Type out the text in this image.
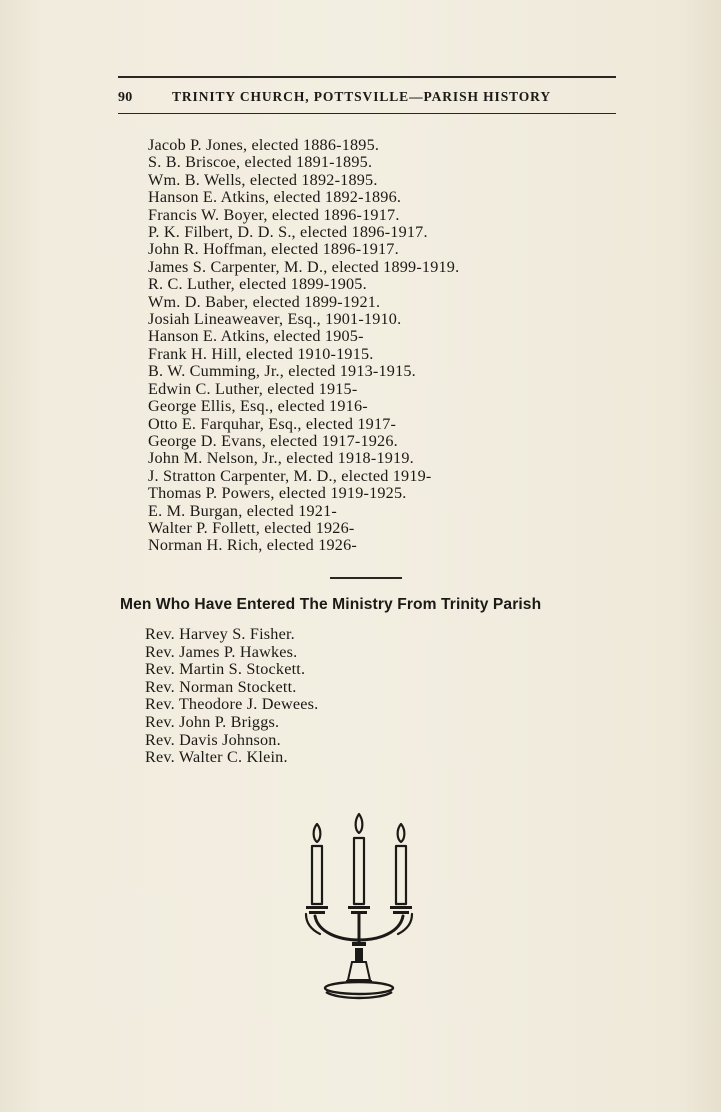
90	TRINITY CHURCH, POTTSVILLE—PARISH HISTORY
Jacob P. Jones, elected 1886-1895.
S. B. Briscoe, elected 1891-1895.
Wm. B. Wells, elected 1892-1895.
Hanson E. Atkins, elected 1892-1896.
Francis W. Boyer, elected 1896-1917.
P. K. Filbert, D. D. S., elected 1896-1917.
John R. Hoffman, elected 1896-1917.
James S. Carpenter, M. D., elected 1899-1919.
R. C. Luther, elected 1899-1905.
Wm. D. Baber, elected 1899-1921.
Josiah Lineaweaver, Esq., 1901-1910.
Hanson E. Atkins, elected 1905-
Frank H. Hill, elected 1910-1915.
B. W. Cumming, Jr., elected 1913-1915.
Edwin C. Luther, elected 1915-
George Ellis, Esq., elected 1916-
Otto E. Farquhar, Esq., elected 1917-
George D. Evans, elected 1917-1926.
John M. Nelson, Jr., elected 1918-1919.
J. Stratton Carpenter, M. D., elected 1919-
Thomas P. Powers, elected 1919-1925.
E. M. Burgan, elected 1921-
Walter P. Follett, elected 1926-
Norman H. Rich, elected 1926-
Men Who Have Entered The Ministry From Trinity Parish
Rev. Harvey S. Fisher.
Rev. James P. Hawkes.
Rev. Martin S. Stockett.
Rev. Norman Stockett.
Rev. Theodore J. Dewees.
Rev. John P. Briggs.
Rev. Davis Johnson.
Rev. Walter C. Klein.
